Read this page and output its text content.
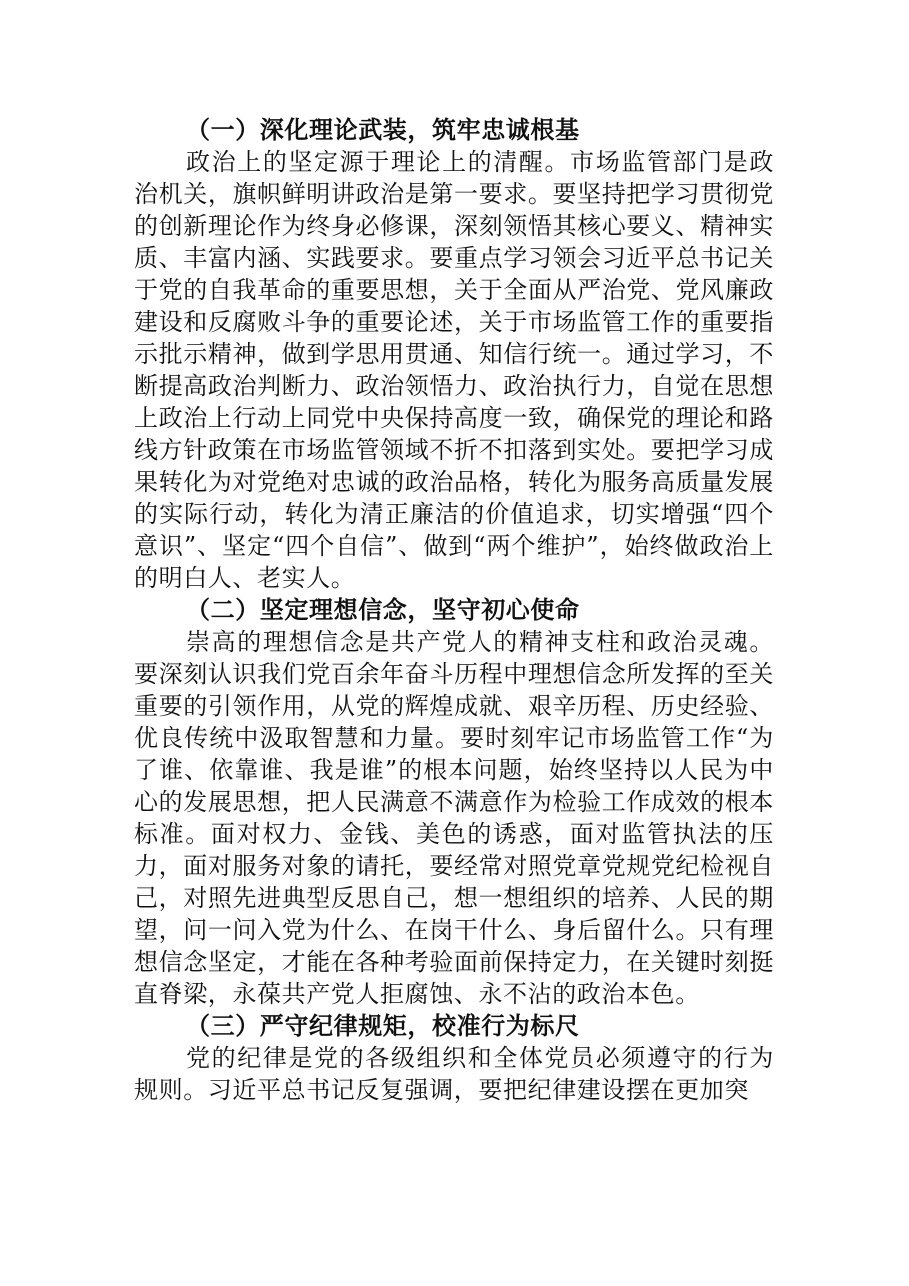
（一）深化理论武装，筑牢忠诚根基

政治上的坚定源于理论上的清醒。市场监管部门是政治机关，旗帜鲜明讲政治是第一要求。要坚持把学习贯彻党的创新理论作为终身必修课，深刻领悟其核心要义、精神实质、丰富内涵、实践要求。要重点学习领会习近平总书记关于党的自我革命的重要思想，关于全面从严治党、党风廉政建设和反腐败斗争的重要论述，关于市场监管工作的重要指示批示精神，做到学思用贯通、知信行统一。通过学习，不断提高政治判断力、政治领悟力、政治执行力，自觉在思想上政治上行动上同党中央保持高度一致，确保党的理论和路线方针政策在市场监管领域不折不扣落到实处。要把学习成果转化为对党绝对忠诚的政治品格，转化为服务高质量发展的实际行动，转化为清正廉洁的价值追求，切实增强“四个意识”、坚定“四个自信”、做到“两个维护”，始终做政治上的明白人、老实人。

（二）坚定理想信念，坚守初心使命

崇高的理想信念是共产党人的精神支柱和政治灵魂。要深刻认识我们党百余年奋斗历程中理想信念所发挥的至关重要的引领作用，从党的辉煌成就、艰辛历程、历史经验、优良传统中汲取智慧和力量。要时刻牢记市场监管工作“为了谁、依靠谁、我是谁”的根本问题，始终坚持以人民为中心的发展思想，把人民满意不满意作为检验工作成效的根本标准。面对权力、金钱、美色的诱惑，面对监管执法的压力，面对服务对象的请托，要经常对照党章党规党纪检视自己，对照先进典型反思自己，想一想组织的培养、人民的期望，问一问入党为什么、在岗干什么、身后留什么。只有理想信念坚定，才能在各种考验面前保持定力，在关键时刻挺直脊梁，永葆共产党人拒腐蚀、永不沾的政治本色。

（三）严守纪律规矩，校准行为标尺

党的纪律是党的各级组织和全体党员必须遵守的行为规则。习近平总书记反复强调，要把纪律建设摆在更加突
